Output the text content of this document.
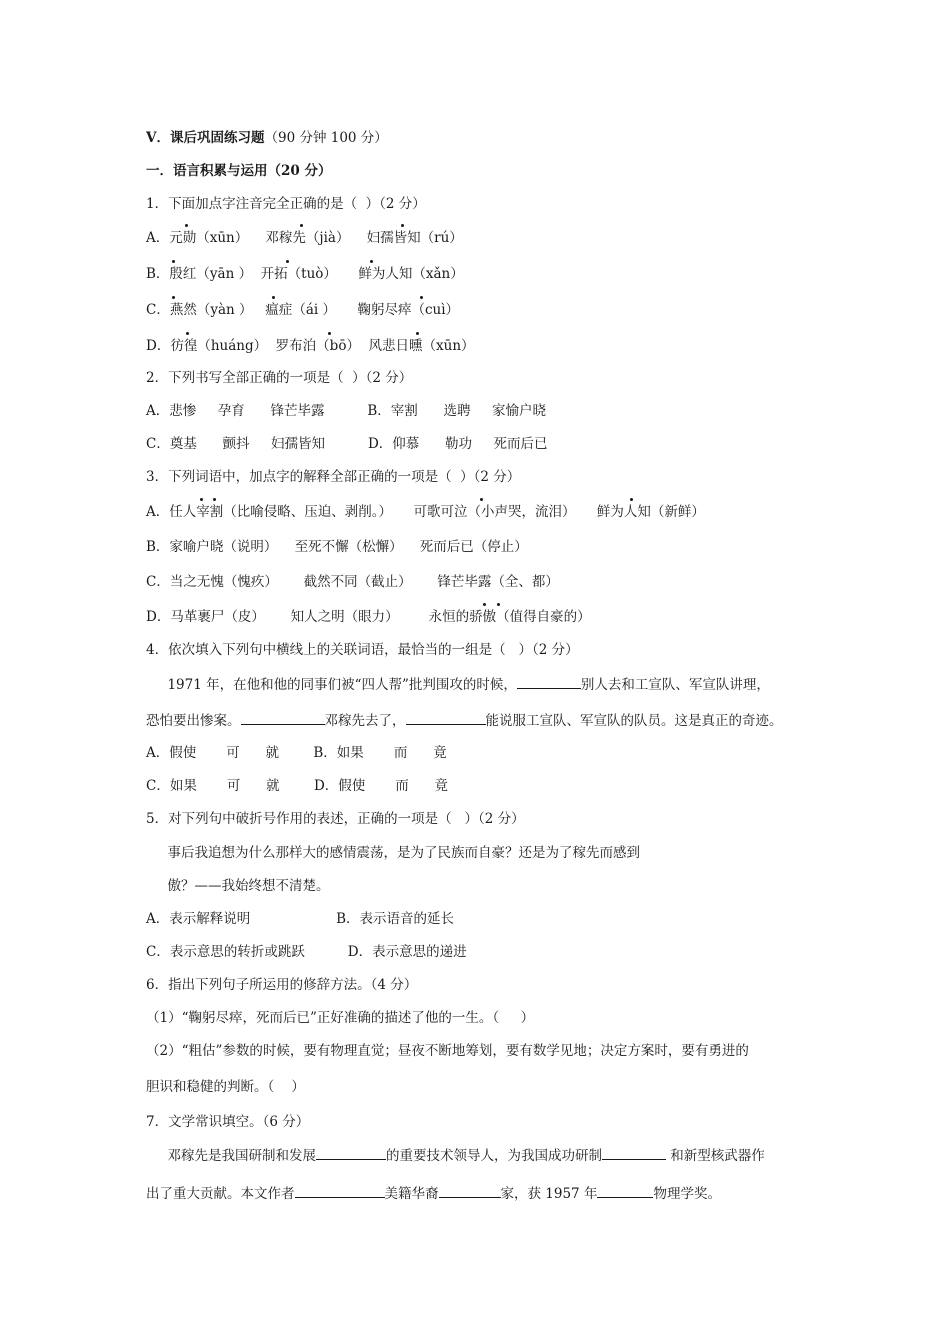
Ⅴ．课后巩固练习题（90 分钟 100 分）
一．语言积累与运用（20 分）
1．下面加点字注音完全正确的是（  ）（2 分）
A．元勋（xūn）    邓稼先（jià）    妇孺皆知（rú）
B．殷红（yān ）  开拓（tuò）     鲜为人知（xǎn）
C．燕然（yàn ）   瘟症（ái ）     鞠躬尽瘁（cuì）
D．彷徨（huáng）  罗布泊（bō）  风悲日曛（xūn）
2．下列书写全部正确的一项是（  ）（2 分）
A．悲惨     孕育      锋芒毕露          B．宰割      选聘     家愉户晓
C．奠基      颤抖     妇孺皆知          D．仰慕      勒功     死而后已
3．下列词语中，加点字的解释全部正确的一项是（  ）（2 分）
A．任人宰割（比喻侵略、压迫、剥削。）     可歌可泣（小声哭，流泪）     鲜为人知（新鲜）
B．家喻户晓（说明）    至死不懈（松懈）    死而后已（停止）
C．当之无愧（愧疚）      截然不同（截止）      锋芒毕露（全、都）
D．马革裹尸（皮）      知人之明（眼力）       永恒的骄傲（值得自豪的）
4．依次填入下列句中横线上的关联词语，最恰当的一组是（   ）（2 分）
1971 年，在他和他的同事们被“四人帮”批判围攻的时候，	别人去和工宣队、军宣队讲理，
恐怕要出惨案。	邓稼先去了，	能说服工宣队、军宣队的队员。这是真正的奇迹。
A．假使       可      就        B．如果       而      竟
C．如果       可      就        D．假使       而      竟
5．对下列句中破折号作用的表述，正确的一项是（   ）（2 分）
事后我追想为什么那样大的感情震荡，是为了民族而自豪？还是为了稼先而感到
傲？——我始终想不清楚。
A．表示解释说明                    B．表示语音的延长
C．表示意思的转折或跳跃          D．表示意思的递进
6．指出下列句子所运用的修辞方法。（4 分）
（1）“鞠躬尽瘁，死而后已”正好准确的描述了他的一生。（     ）
（2）“粗估”参数的时候，要有物理直觉；昼夜不断地筹划，要有数学见地；决定方案时，要有勇进的
胆识和稳健的判断。（    ）
7．文学常识填空。（6 分）
邓稼先是我国研制和发展	的重要技术领导人，为我国成功研制	和新型核武器作
出了重大贡献。本文作者	美籍华裔	家，获 1957 年	物理学奖。
